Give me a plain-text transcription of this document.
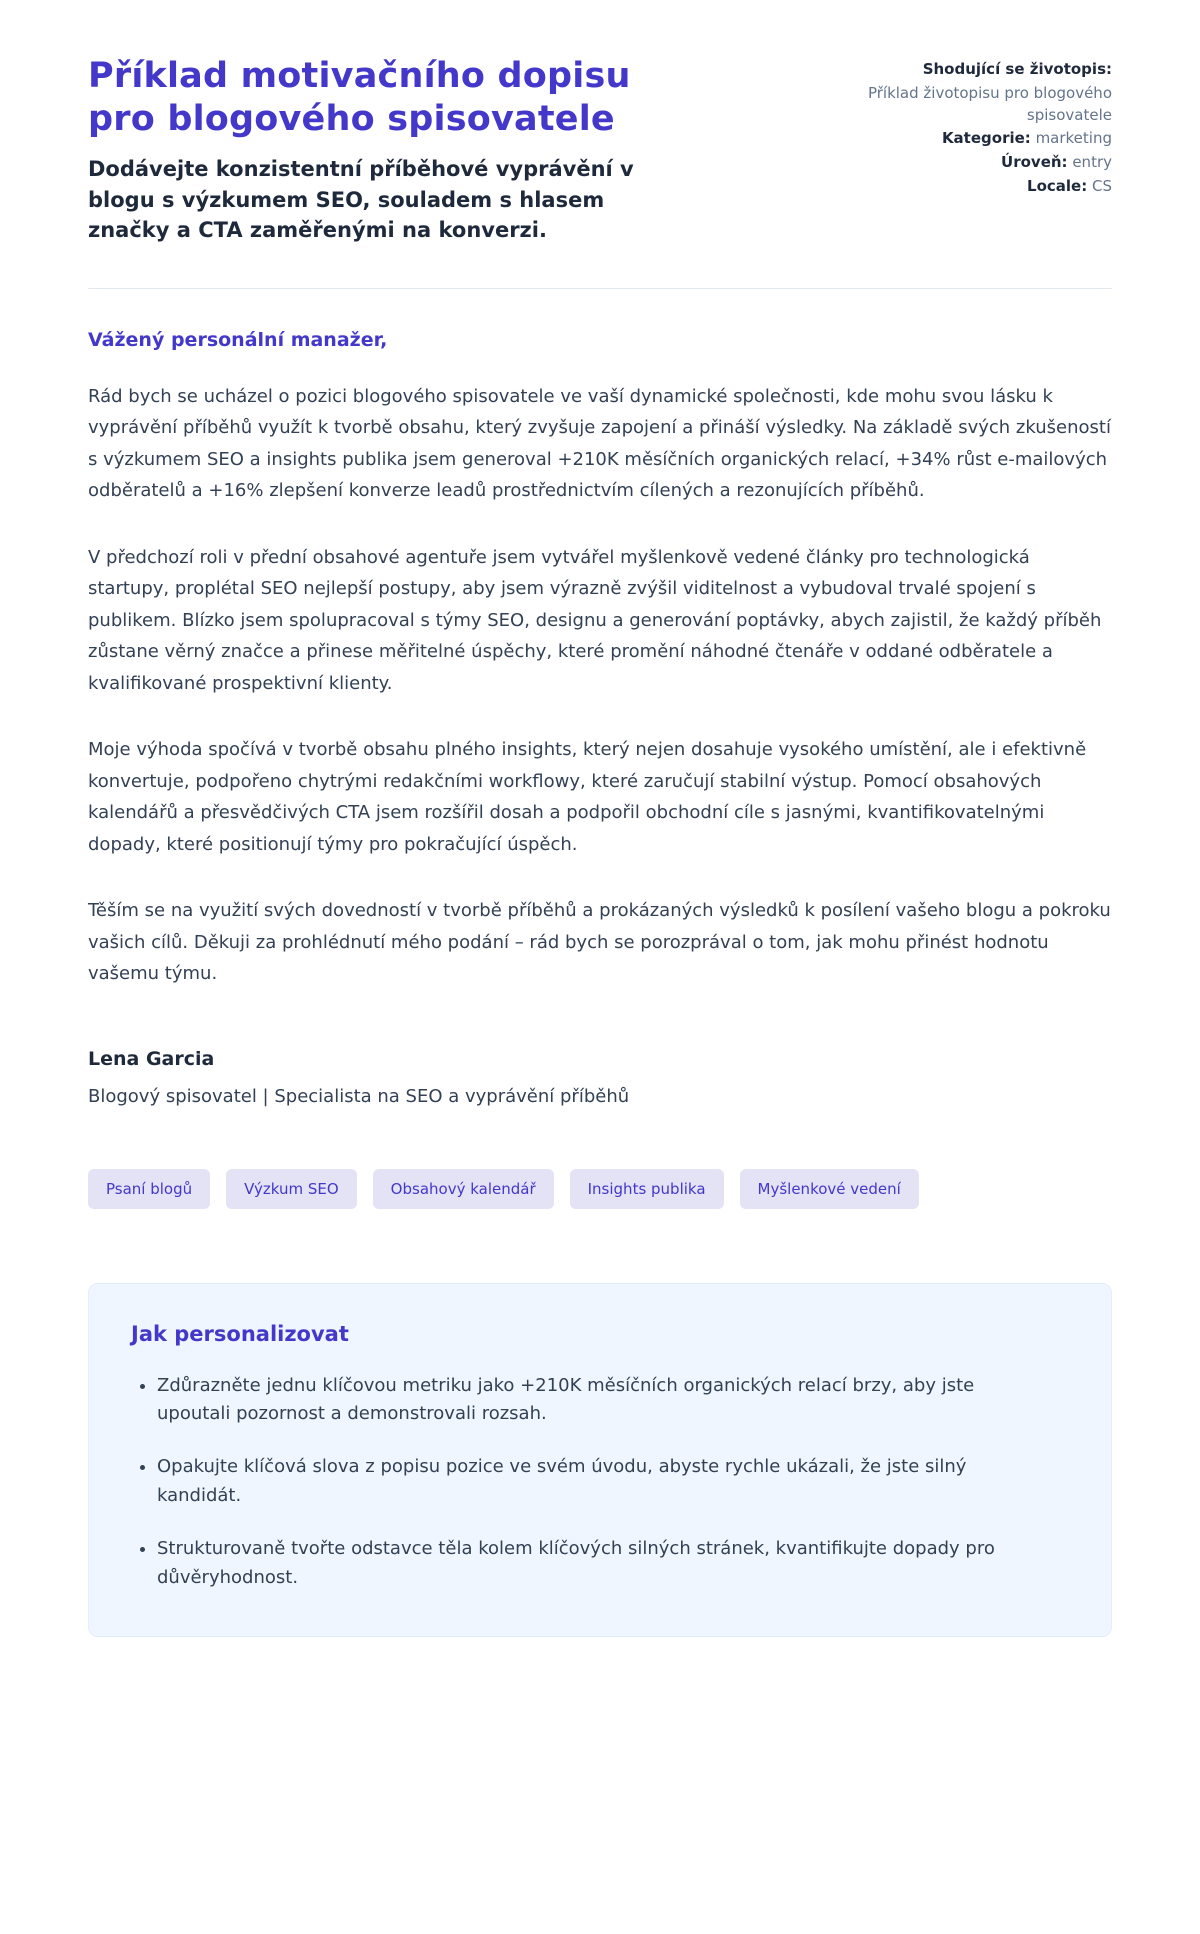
Příklad motivačního dopisu pro blogového spisovatele
Dodávejte konzistentní příběhové vyprávění v blogu s výzkumem SEO, souladem s hlasem značky a CTA zaměřenými na konverzi.
Shodující se životopis:
Příklad životopisu pro blogového spisovatele
Kategorie: marketing
Úroveň: entry
Locale: CS
Vážený personální manažer,

Rád bych se ucházel o pozici blogového spisovatele ve vaší dynamické společnosti, kde mohu svou lásku k vyprávění příběhů využít k tvorbě obsahu, který zvyšuje zapojení a přináší výsledky. Na základě svých zkušeností s výzkumem SEO a insights publika jsem generoval +210K měsíčních organických relací, +34% růst e-mailových odběratelů a +16% zlepšení konverze leadů prostřednictvím cílených a rezonujících příběhů.

V předchozí roli v přední obsahové agentuře jsem vytvářel myšlenkově vedené články pro technologická startupy, proplétal SEO nejlepší postupy, aby jsem výrazně zvýšil viditelnost a vybudoval trvalé spojení s publikem. Blízko jsem spolupracoval s týmy SEO, designu a generování poptávky, abych zajistil, že každý příběh zůstane věrný značce a přinese měřitelné úspěchy, které promění náhodné čtenáře v oddané odběratele a kvalifikované prospektivní klienty.

Moje výhoda spočívá v tvorbě obsahu plného insights, který nejen dosahuje vysokého umístění, ale i efektivně konvertuje, podpořeno chytrými redakčními workflowy, které zaručují stabilní výstup. Pomocí obsahových kalendářů a přesvědčivých CTA jsem rozšířil dosah a podpořil obchodní cíle s jasnými, kvantifikovatelnými dopady, které positionují týmy pro pokračující úspěch.

Těším se na využití svých dovedností v tvorbě příběhů a prokázaných výsledků k posílení vašeho blogu a pokroku vašich cílů. Děkuji za prohlédnutí mého podání – rád bych se porozprával o tom, jak mohu přinést hodnotu vašemu týmu.

Lena Garcia
Blogový spisovatel | Specialista na SEO a vyprávění příběhů
Psaní blogů	Výzkum SEO	Obsahový kalendář	Insights publika	Myšlenkové vedení
Jak personalizovat
• Zdůrazněte jednu klíčovou metriku jako +210K měsíčních organických relací brzy, aby jste upoutali pozornost a demonstrovali rozsah.
• Opakujte klíčová slova z popisu pozice ve svém úvodu, abyste rychle ukázali, že jste silný kandidát.
• Strukturovaně tvořte odstavce těla kolem klíčových silných stránek, kvantifikujte dopady pro důvěryhodnost.
